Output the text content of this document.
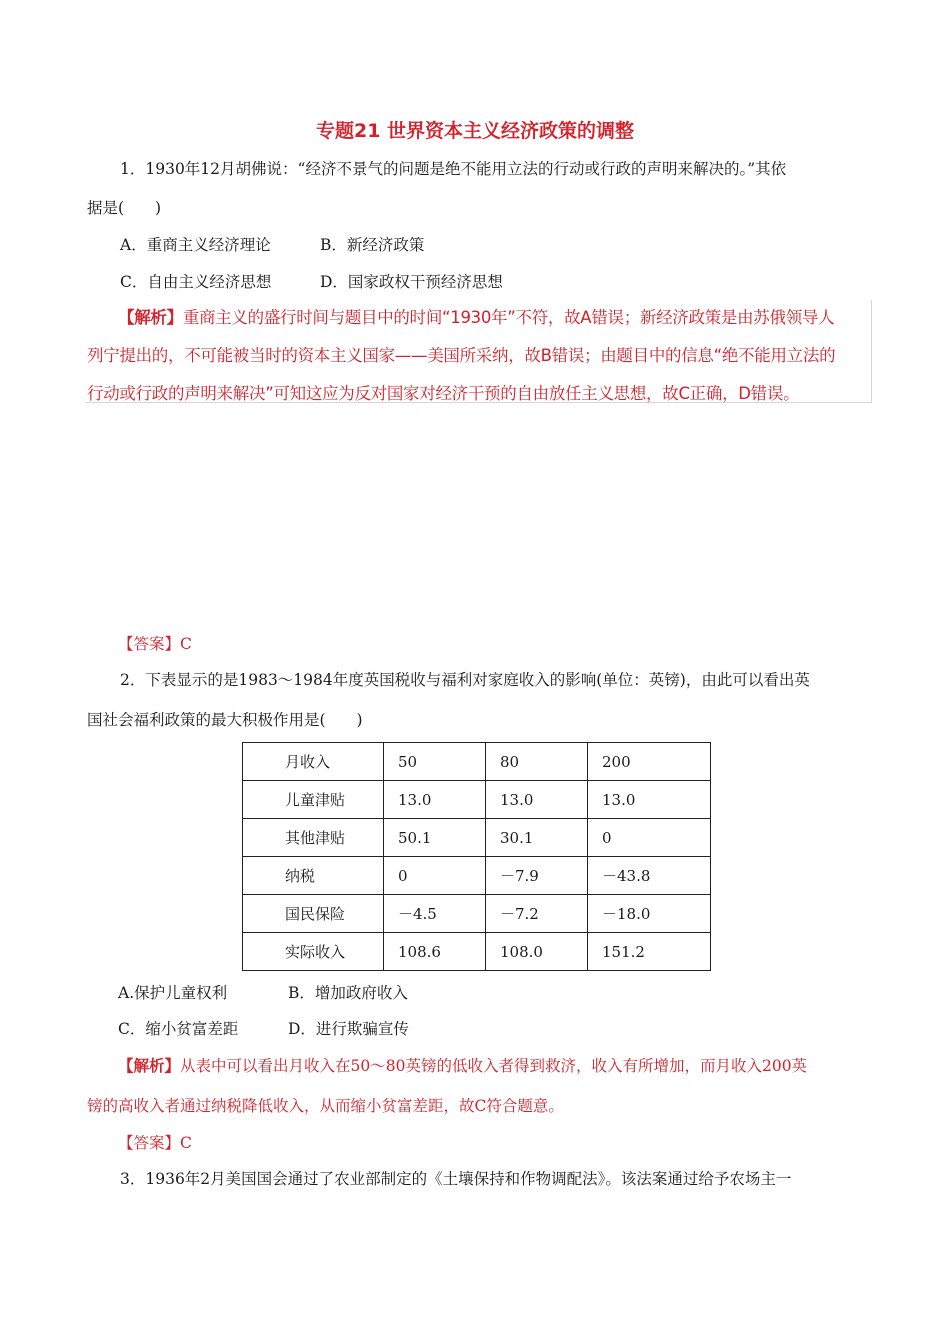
专题21 世界资本主义经济政策的调整
1．1930年12月胡佛说：“经济不景气的问题是绝不能用立法的行动或行政的声明来解决的。”其依
据是(　　)
A．重商主义经济理论	B．新经济政策
C．自由主义经济思想	D．国家政权干预经济思想
【解析】重商主义的盛行时间与题目中的时间“1930年”不符，故A错误；新经济政策是由苏俄领导人
列宁提出的，不可能被当时的资本主义国家——美国所采纳，故B错误；由题目中的信息“绝不能用立法的
行动或行政的声明来解决”可知这应为反对国家对经济干预的自由放任主义思想，故C正确，D错误。
【答案】C
2．下表显示的是1983～1984年度英国税收与福利对家庭收入的影响(单位：英镑)，由此可以看出英
国社会福利政策的最大积极作用是(　　)
月收入	50	80	200
儿童津贴	13.0	13.0	13.0
其他津贴	50.1	30.1	0
纳税	0	－7.9	－43.8
国民保险	－4.5	－7.2	－18.0
实际收入	108.6	108.0	151.2
A.保护儿童权利	B．增加政府收入
C．缩小贫富差距	D．进行欺骗宣传
【解析】从表中可以看出月收入在50～80英镑的低收入者得到救济，收入有所增加，而月收入200英
镑的高收入者通过纳税降低收入，从而缩小贫富差距，故C符合题意。
【答案】C
3．1936年2月美国国会通过了农业部制定的《土壤保持和作物调配法》。该法案通过给予农场主一
